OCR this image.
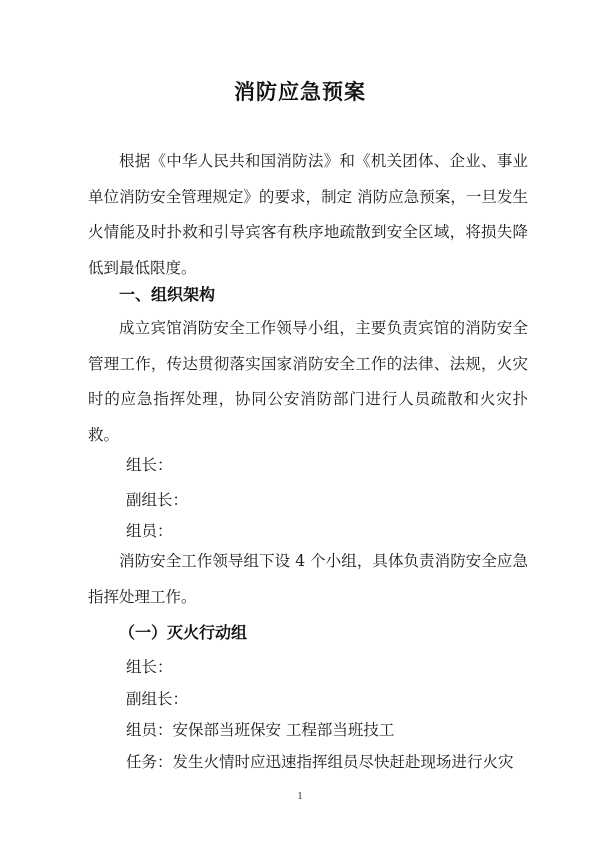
消防应急预案

根据《中华人民共和国消防法》和《机关团体、企业、事业单位消防安全管理规定》的要求，制定 消防应急预案，一旦发生火情能及时扑救和引导宾客有秩序地疏散到安全区域，将损失降低到最低限度。

一、组织架构

成立宾馆消防安全工作领导小组，主要负责宾馆的消防安全管理工作，传达贯彻落实国家消防安全工作的法律、法规，火灾时的应急指挥处理，协同公安消防部门进行人员疏散和火灾扑救。

组长：

副组长：

组员：

消防安全工作领导组下设 4 个小组，具体负责消防安全应急指挥处理工作。

（一）灭火行动组

组长：

副组长：

组员：安保部当班保安 工程部当班技工

任务：发生火情时应迅速指挥组员尽快赶赴现场进行火灾

1
